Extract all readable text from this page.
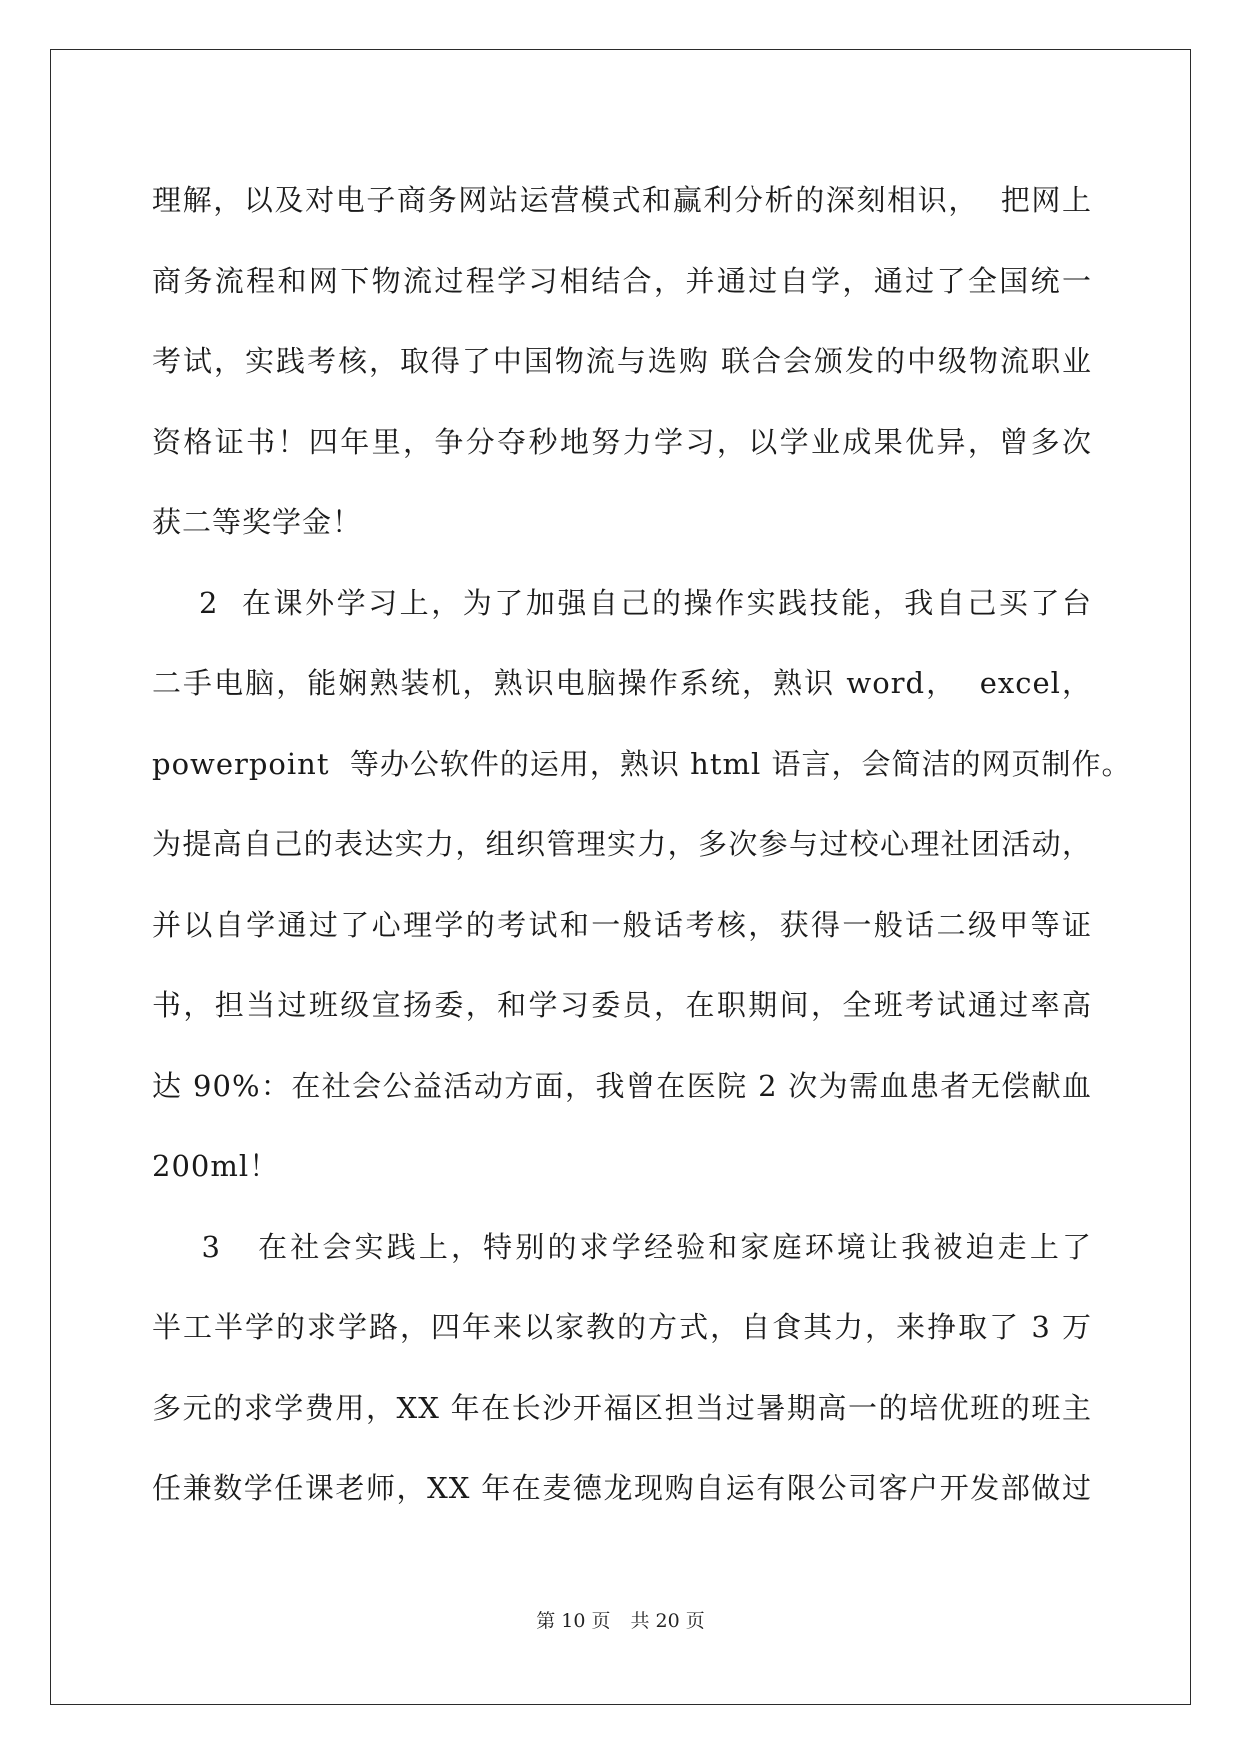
理解，以及对电子商务网站运营模式和赢利分析的深刻相识，  把网上
商务流程和网下物流过程学习相结合，并通过自学，通过了全国统一
考试，实践考核，取得了中国物流与选购 联合会颁发的中级物流职业
资格证书！四年里，争分夺秒地努力学习，以学业成果优异，曾多次
获二等奖学金！
2  在课外学习上，为了加强自己的操作实践技能，我自己买了台
二手电脑，能娴熟装机，熟识电脑操作系统，熟识 word，  excel，
powerpoint  等办公软件的运用，熟识 html 语言，会简洁的网页制作。
为提高自己的表达实力，组织管理实力，多次参与过校心理社团活动，
并以自学通过了心理学的考试和一般话考核，获得一般话二级甲等证
书，担当过班级宣扬委，和学习委员，在职期间，全班考试通过率高
达 90%：在社会公益活动方面，我曾在医院 2 次为需血患者无偿献血
200ml！
3   在社会实践上，特别的求学经验和家庭环境让我被迫走上了
半工半学的求学路，四年来以家教的方式，自食其力，来挣取了 3 万
多元的求学费用，XX 年在长沙开福区担当过暑期高一的培优班的班主
任兼数学任课老师，XX 年在麦德龙现购自运有限公司客户开发部做过
第 10 页 共 20 页
